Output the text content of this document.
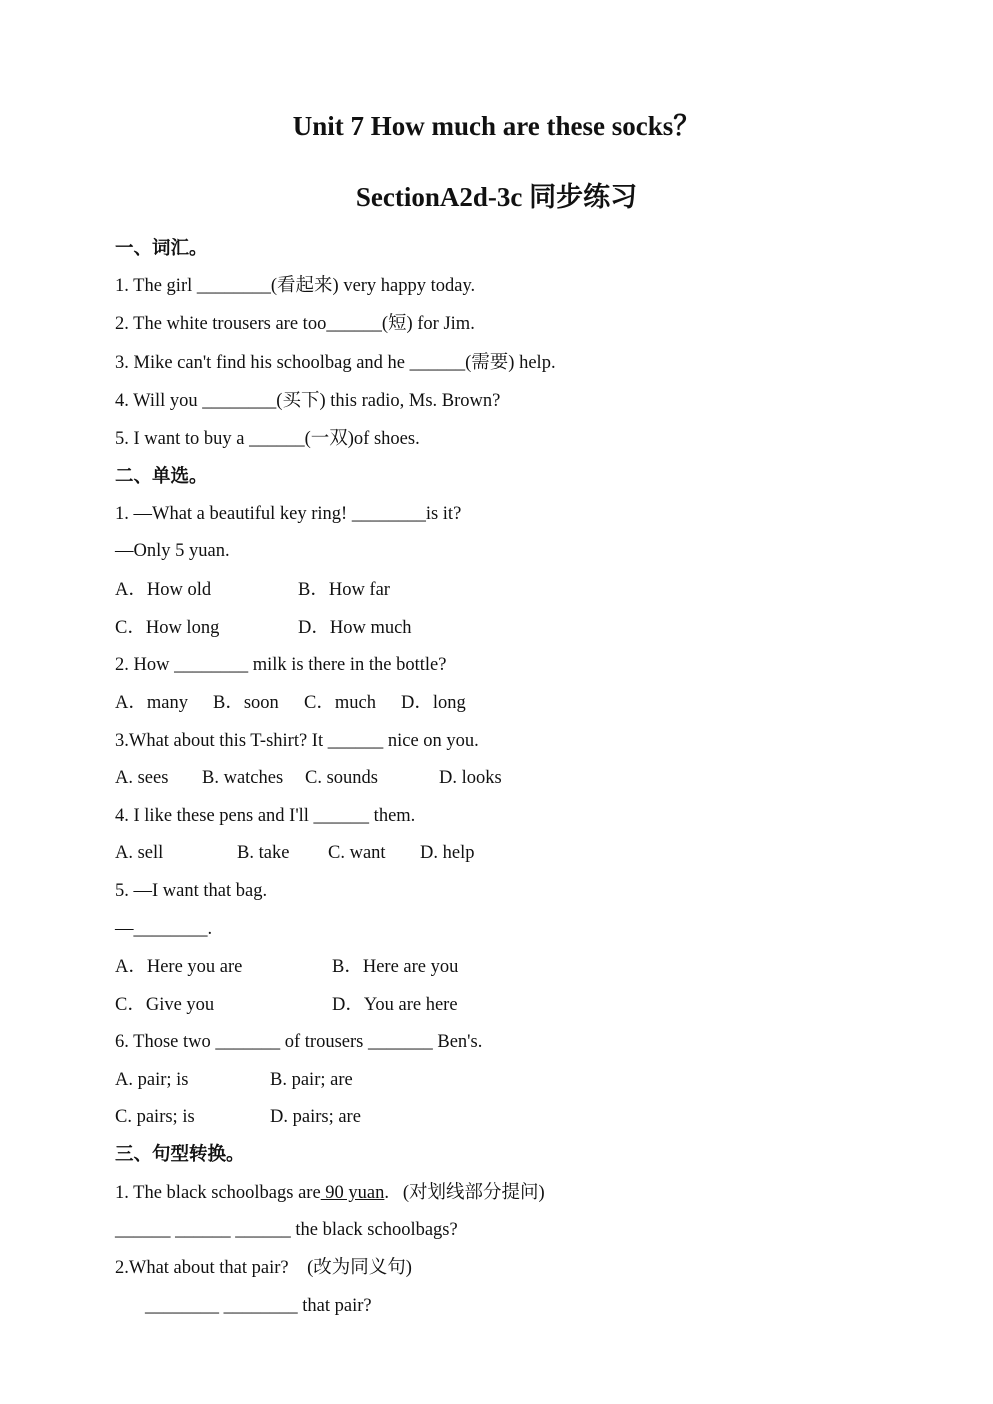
Unit 7 How much are these socks？
SectionA2d-3c 同步练习
一、词汇。
1. The girl ________(看起来) very happy today.
2. The white trousers are too______(短) for Jim.
3. Mike can't find his schoolbag and he ______(需要) help.
4. Will you ________(买下) this radio, Ms. Brown?
5. I want to buy a ______(一双)of shoes.
二、单选。
1. —What a beautiful key ring! ________is it?
—Only 5 yuan.
A．How old	B．How far
C．How long	D．How much
2. How ________ milk is there in the bottle?
A．many B．soon C．much D．long
3.What about this T-shirt? It ______ nice on you.
A. sees B. watches C. sounds	D. looks
4. I like these pens and I'll ______ them.
A. sell	B. take C. want D. help
5. —I want that bag.
—________.
A．Here you are	B．Here are you
C．Give you	D．You are here
6. Those two _______ of trousers _______ Ben's.
A. pair; is	B. pair; are
C. pairs; is	D. pairs; are
三、句型转换。
1. The black schoolbags are 90 yuan.   (对划线部分提问)
______ ______ ______ the black schoolbags?
2.What about that pair?    (改为同义句)
________ ________ that pair?
